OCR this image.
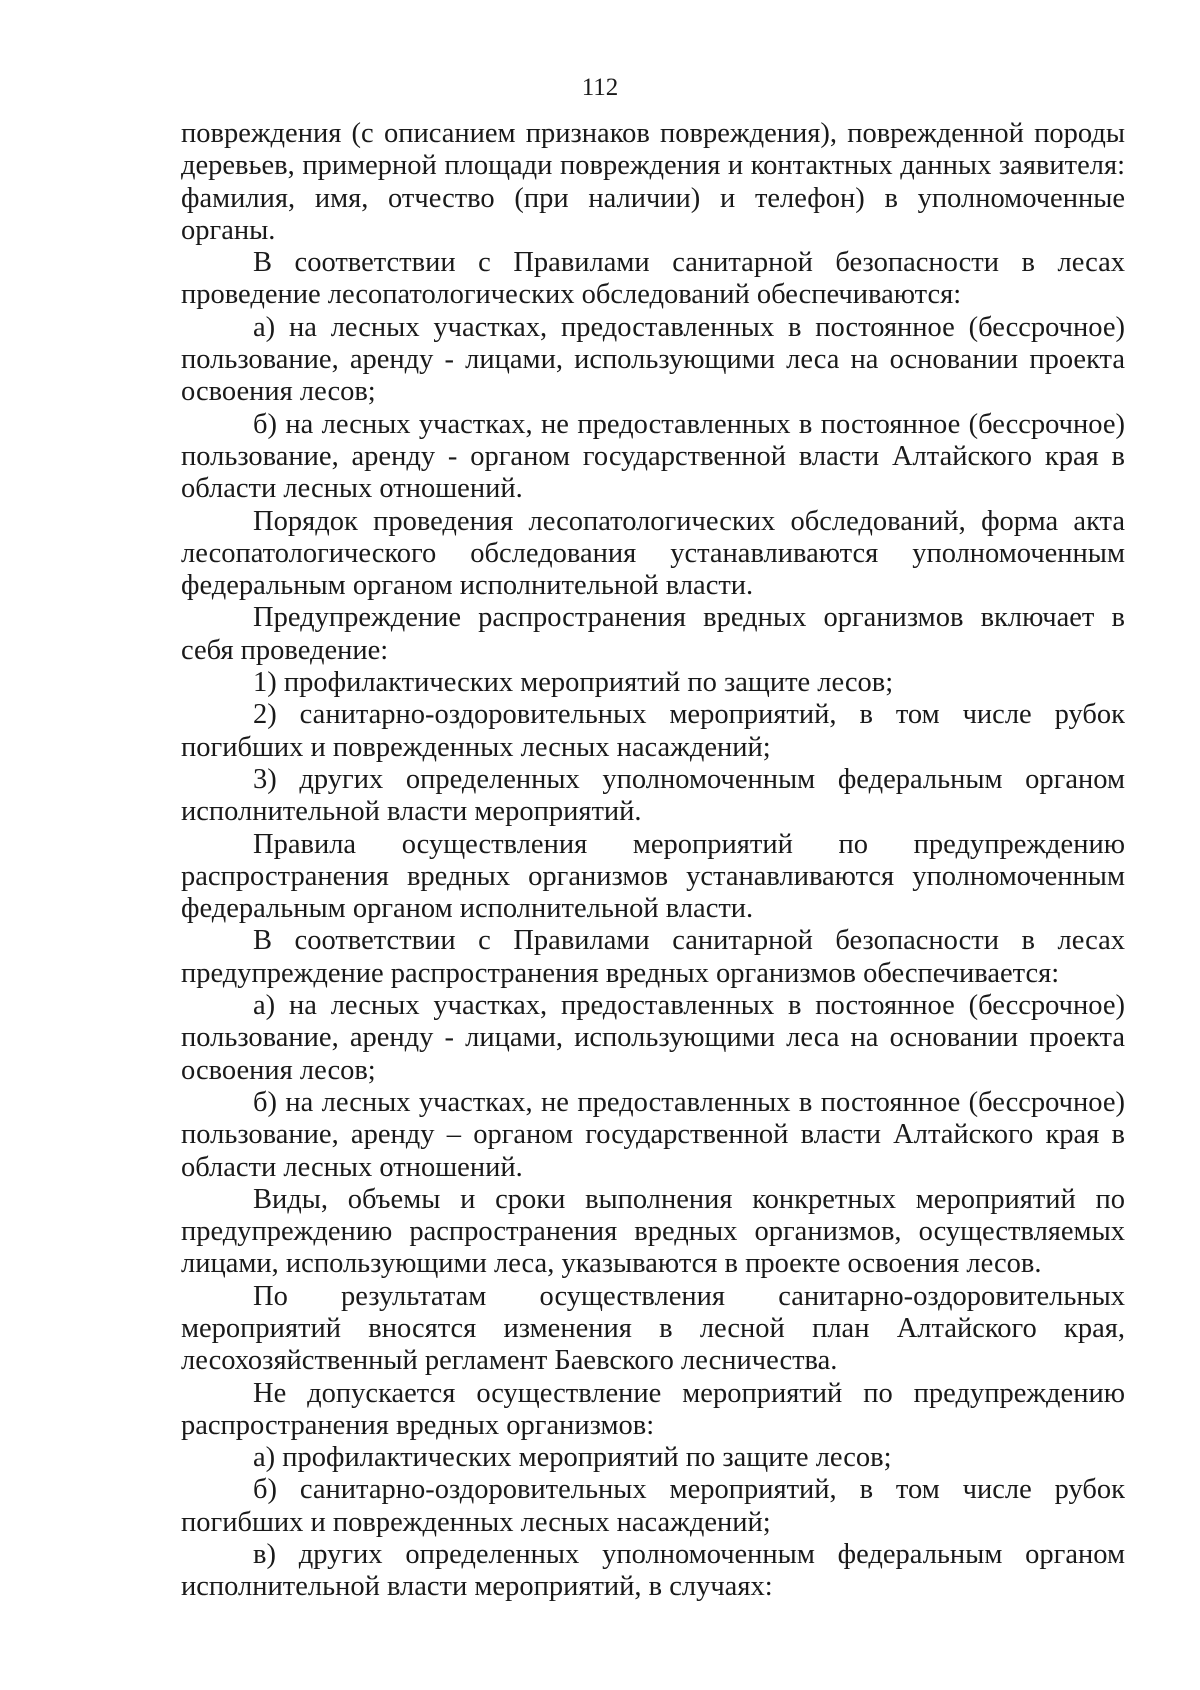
112

повреждения (с описанием признаков повреждения), поврежденной породы деревьев, примерной площади повреждения и контактных данных заявителя: фамилия, имя, отчество (при наличии) и телефон) в уполномоченные органы.

В соответствии с Правилами санитарной безопасности в лесах проведение лесопатологических обследований обеспечиваются:

а) на лесных участках, предоставленных в постоянное (бессрочное) пользование, аренду - лицами, использующими леса на основании проекта освоения лесов;

б) на лесных участках, не предоставленных в постоянное (бессрочное) пользование, аренду - органом государственной власти Алтайского края в области лесных отношений.

Порядок проведения лесопатологических обследований, форма акта лесопатологического обследования устанавливаются уполномоченным федеральным органом исполнительной власти.

Предупреждение распространения вредных организмов включает в себя проведение:

1) профилактических мероприятий по защите лесов;

2) санитарно-оздоровительных мероприятий, в том числе рубок погибших и поврежденных лесных насаждений;

3) других определенных уполномоченным федеральным органом исполнительной власти мероприятий.

Правила осуществления мероприятий по предупреждению распространения вредных организмов устанавливаются уполномоченным федеральным органом исполнительной власти.

В соответствии с Правилами санитарной безопасности в лесах предупреждение распространения вредных организмов обеспечивается:

а) на лесных участках, предоставленных в постоянное (бессрочное) пользование, аренду - лицами, использующими леса на основании проекта освоения лесов;

б) на лесных участках, не предоставленных в постоянное (бессрочное) пользование, аренду – органом государственной власти Алтайского края в области лесных отношений.

Виды, объемы и сроки выполнения конкретных мероприятий по предупреждению распространения вредных организмов, осуществляемых лицами, использующими леса, указываются в проекте освоения лесов.

По результатам осуществления санитарно-оздоровительных мероприятий вносятся изменения в лесной план Алтайского края, лесохозяйственный регламент Баевского лесничества.

Не допускается осуществление мероприятий по предупреждению распространения вредных организмов:

а) профилактических мероприятий по защите лесов;

б) санитарно-оздоровительных мероприятий, в том числе рубок погибших и поврежденных лесных насаждений;

в) других определенных уполномоченным федеральным органом исполнительной власти мероприятий, в случаях:
